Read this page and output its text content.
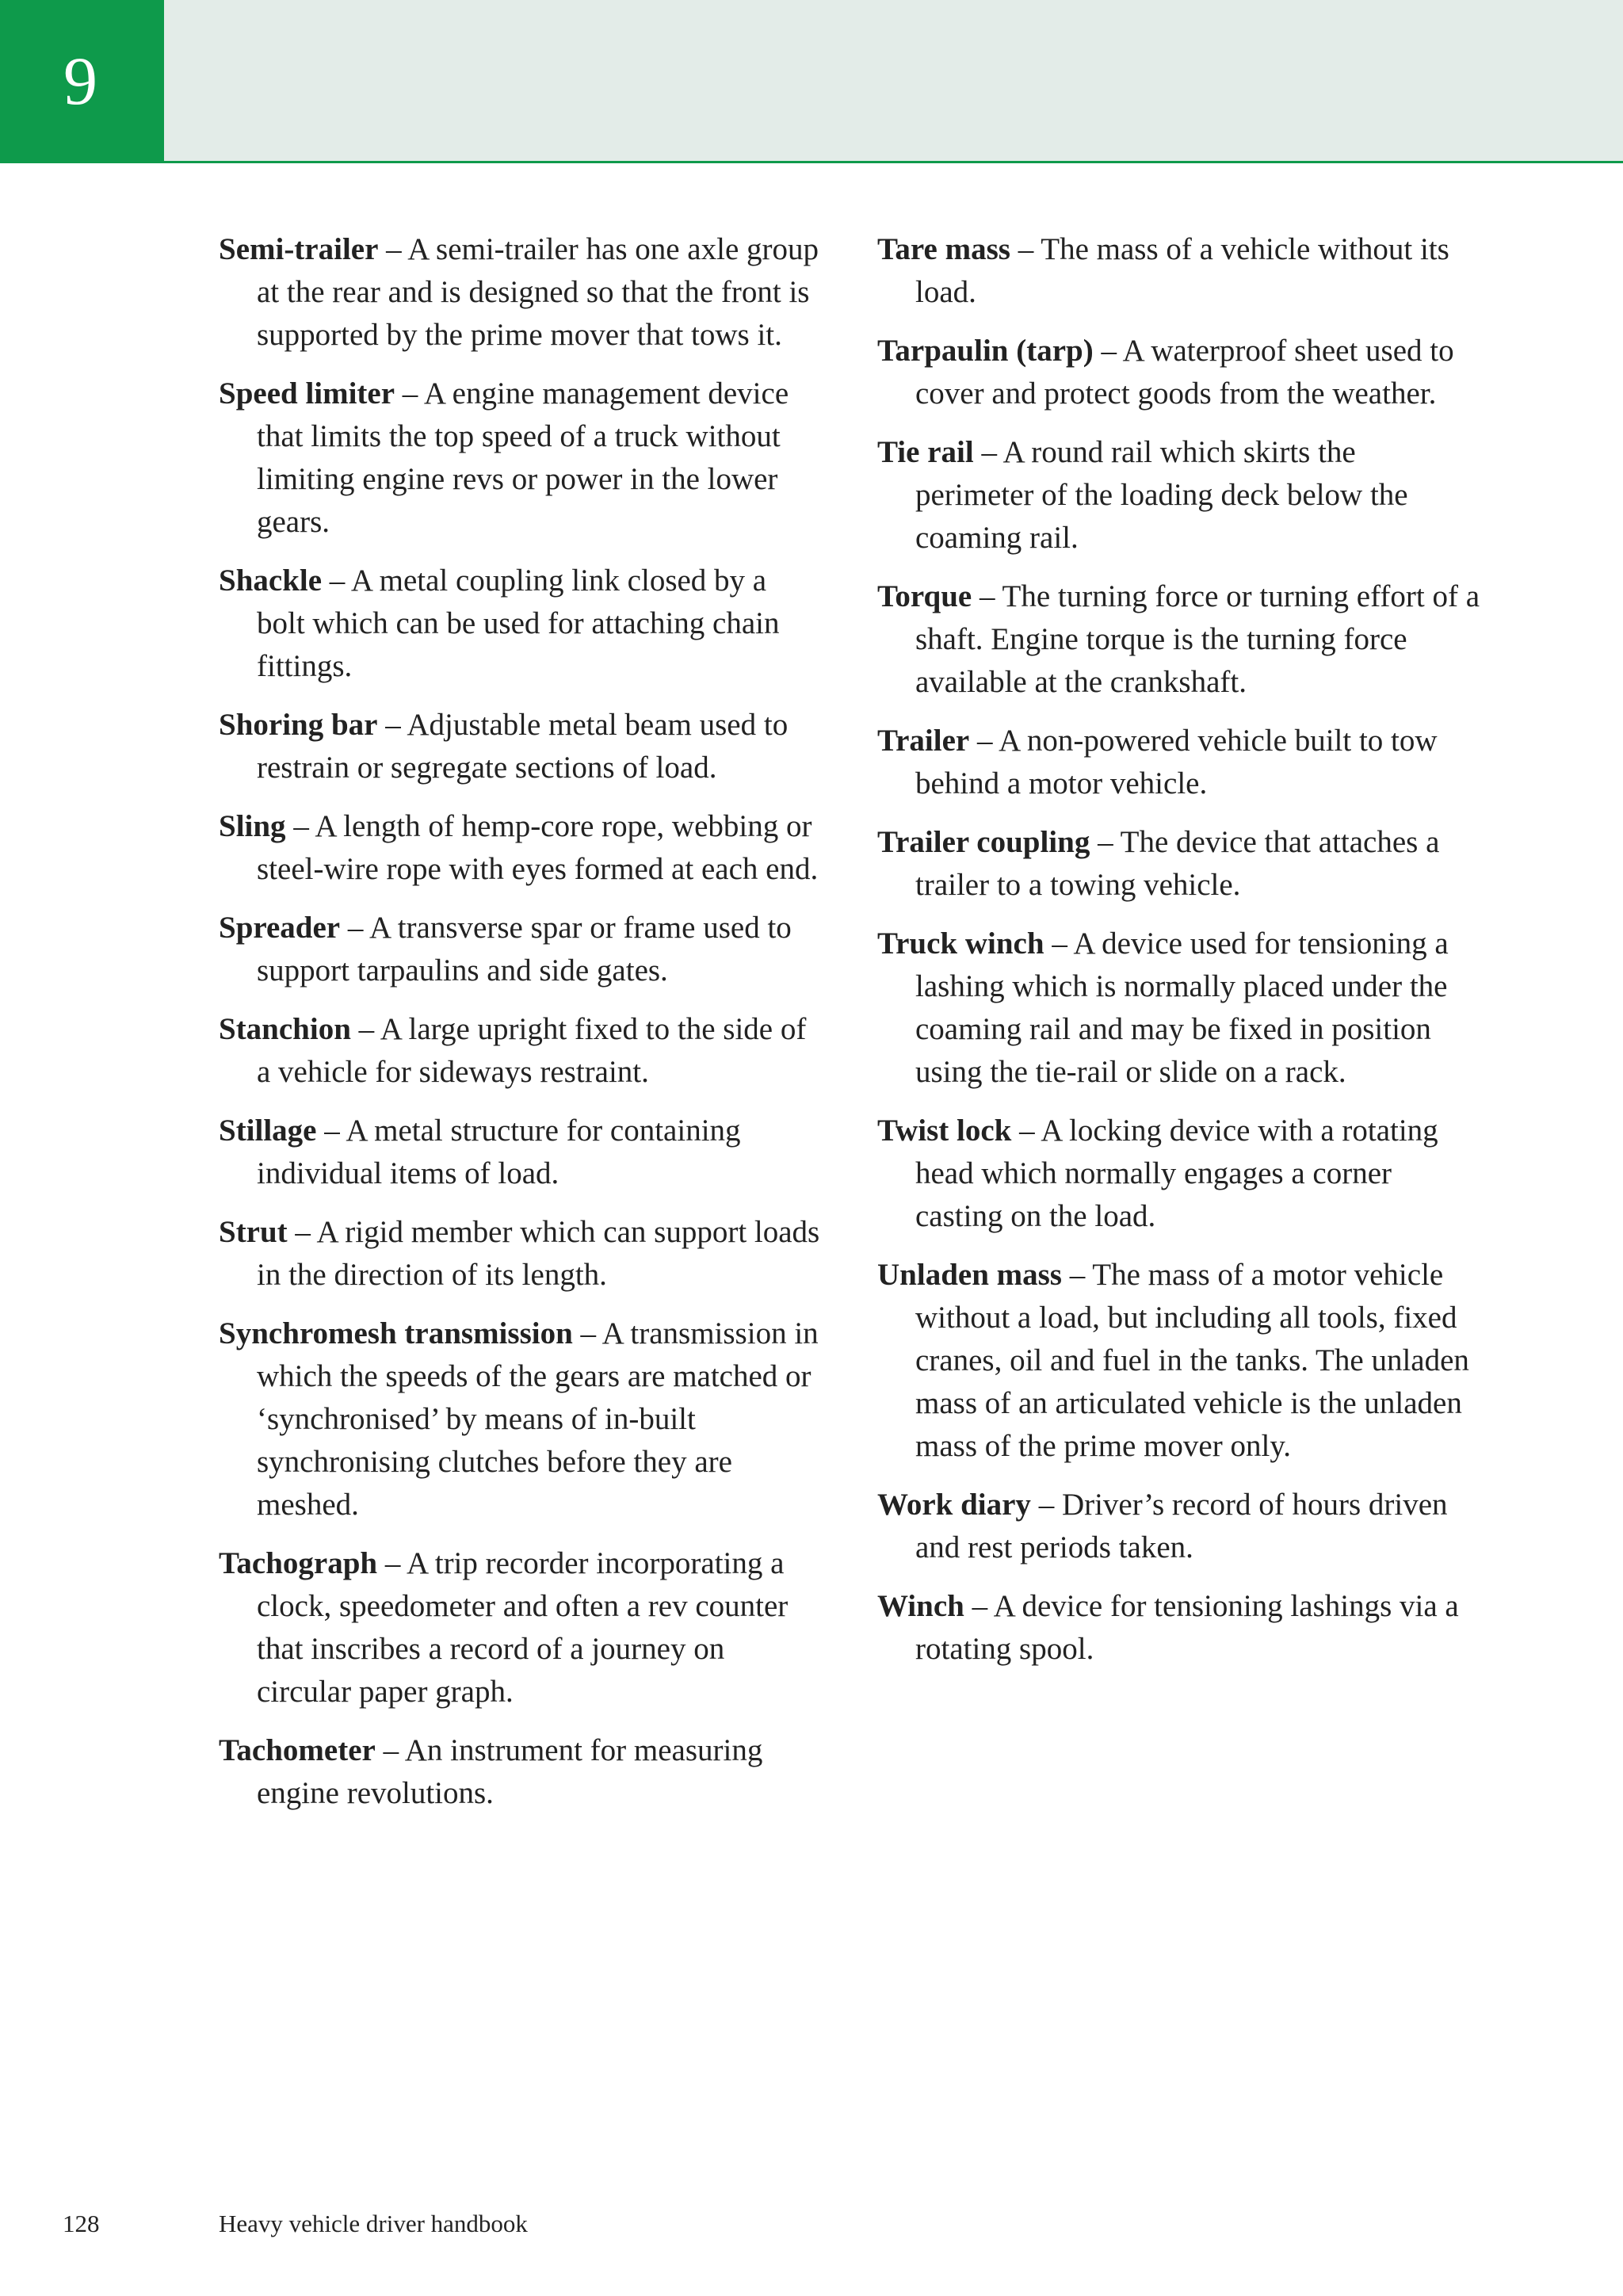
9

Semi-trailer – A semi-trailer has one axle group at the rear and is designed so that the front is supported by the prime mover that tows it.

Speed limiter – A engine management device that limits the top speed of a truck without limiting engine revs or power in the lower gears.

Shackle – A metal coupling link closed by a bolt which can be used for attaching chain fittings.

Shoring bar – Adjustable metal beam used to restrain or segregate sections of load.

Sling – A length of hemp-core rope, webbing or steel-wire rope with eyes formed at each end.

Spreader – A transverse spar or frame used to support tarpaulins and side gates.

Stanchion – A large upright fixed to the side of a vehicle for sideways restraint.

Stillage – A metal structure for containing individual items of load.

Strut – A rigid member which can support loads in the direction of its length.

Synchromesh transmission – A transmission in which the speeds of the gears are matched or ‘synchronised’ by means of in-built synchronising clutches before they are meshed.

Tachograph – A trip recorder incorporating a clock, speedometer and often a rev counter that inscribes a record of a journey on circular paper graph.

Tachometer – An instrument for measuring engine revolutions.

Tare mass – The mass of a vehicle without its load.

Tarpaulin (tarp) – A waterproof sheet used to cover and protect goods from the weather.

Tie rail – A round rail which skirts the perimeter of the loading deck below the coaming rail.

Torque – The turning force or turning effort of a shaft. Engine torque is the turning force available at the crankshaft.

Trailer – A non-powered vehicle built to tow behind a motor vehicle.

Trailer coupling – The device that attaches a trailer to a towing vehicle.

Truck winch – A device used for tensioning a lashing which is normally placed under the coaming rail and may be fixed in position using the tie-rail or slide on a rack.

Twist lock – A locking device with a rotating head which normally engages a corner casting on the load.

Unladen mass – The mass of a motor vehicle without a load, but including all tools, fixed cranes, oil and fuel in the tanks. The unladen mass of an articulated vehicle is the unladen mass of the prime mover only.

Work diary – Driver’s record of hours driven and rest periods taken.

Winch – A device for tensioning lashings via a rotating spool.

128	Heavy vehicle driver handbook
